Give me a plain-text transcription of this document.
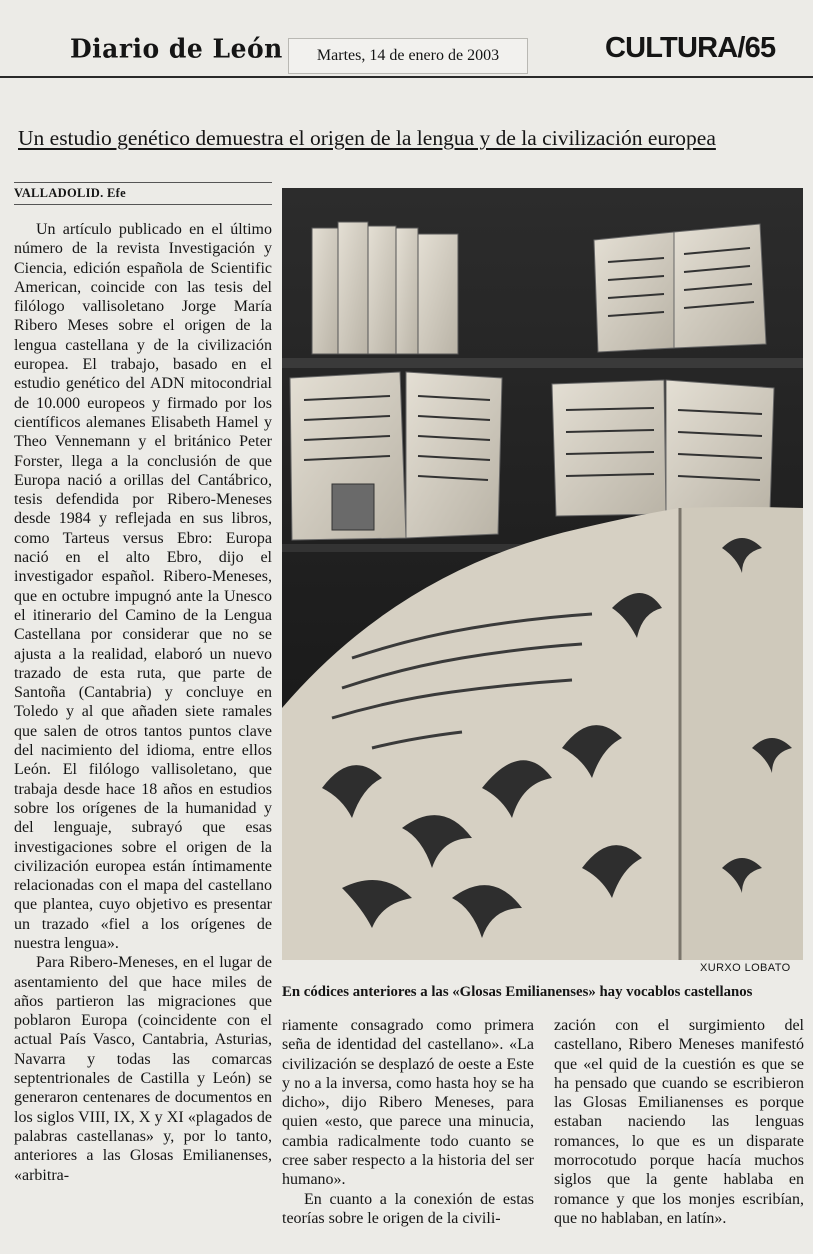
Diario de León	Martes, 14 de enero de 2003	CULTURA/65
Un estudio genético demuestra el origen de la lengua y de la civilización europea
VALLADOLID. Efe

Un artículo publicado en el último número de la revista Investigación y Ciencia, edición española de Scientific American, coincide con las tesis del filólogo vallisoletano Jorge María Ribero Meses sobre el origen de la lengua castellana y de la civilización europea. El trabajo, basado en el estudio genético del ADN mitocondrial de 10.000 europeos y firmado por los científicos alemanes Elisabeth Hamel y Theo Vennemann y el británico Peter Forster, llega a la conclusión de que Europa nació a orillas del Cantábrico, tesis defendida por Ribero-Meneses desde 1984 y reflejada en sus libros, como Tarteus versus Ebro: Europa nació en el alto Ebro, dijo el investigador español. Ribero-Meneses, que en octubre impugnó ante la Unesco el itinerario del Camino de la Lengua Castellana por considerar que no se ajusta a la realidad, elaboró un nuevo trazado de esta ruta, que parte de Santoña (Cantabria) y concluye en Toledo y al que añaden siete ramales que salen de otros tantos puntos clave del nacimiento del idioma, entre ellos León. El filólogo vallisoletano, que trabaja desde hace 18 años en estudios sobre los orígenes de la humanidad y del lenguaje, subrayó que esas investigaciones sobre el origen de la civilización europea están íntimamente relacionadas con el mapa del castellano que plantea, cuyo objetivo es presentar un trazado «fiel a los orígenes de nuestra lengua».

Para Ribero-Meneses, en el lugar de asentamiento del que hace miles de años partieron las migraciones que poblaron Europa (coincidente con el actual País Vasco, Cantabria, Asturias, Navarra y todas las comarcas septentrionales de Castilla y León) se generaron centenares de documentos en los siglos VIII, IX, X y XI «plagados de palabras castellanas» y, por lo tanto, anteriores a las Glosas Emilianenses, «arbitra-

XURXO LOBATO
En códices anteriores a las «Glosas Emilianenses» hay vocablos castellanos

riamente consagrado como primera seña de identidad del castellano». «La civilización se desplazó de oeste a Este y no a la inversa, como hasta hoy se ha dicho», dijo Ribero Meneses, para quien «esto, que parece una minucia, cambia radicalmente todo cuanto se cree saber respecto a la historia del ser humano».

En cuanto a la conexión de estas teorías sobre le origen de la civili-

zación con el surgimiento del castellano, Ribero Meneses manifestó que «el quid de la cuestión es que se ha pensado que cuando se escribieron las Glosas Emilianenses es porque estaban naciendo las lenguas romances, lo que es un disparate morrocotudo porque hacía muchos siglos que la gente hablaba en romance y que los monjes escribían, que no hablaban, en latín».
